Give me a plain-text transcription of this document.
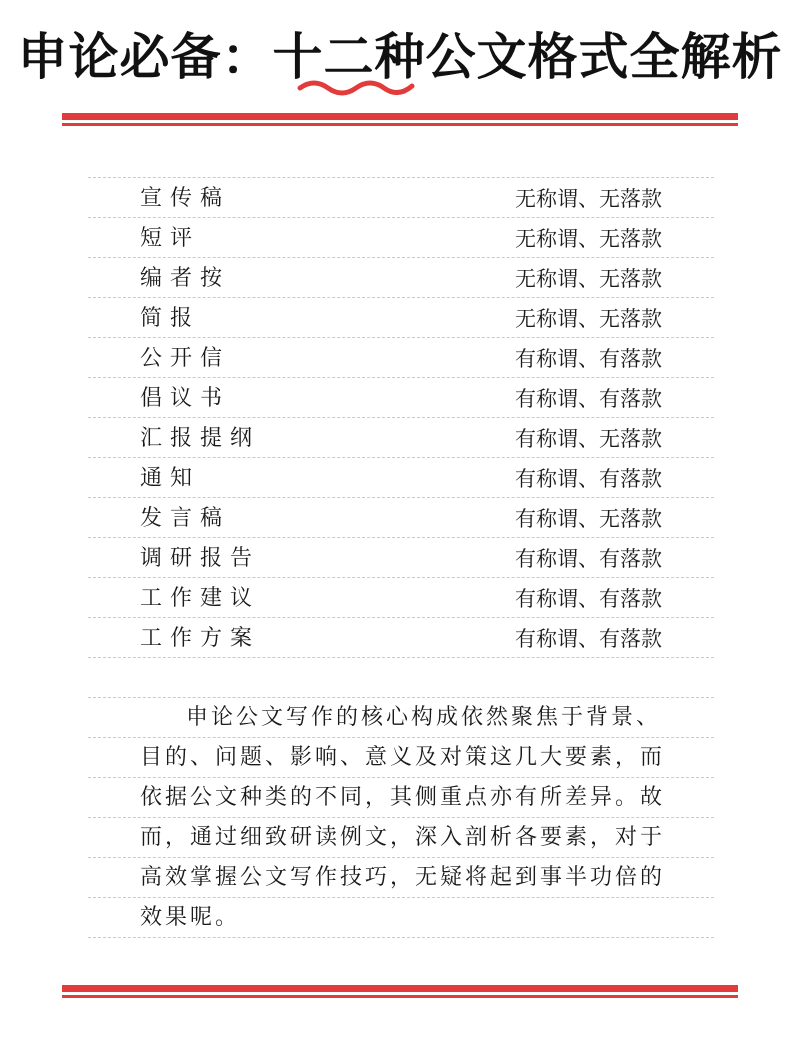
申论必备：十二种公文格式全解析
宣传稿	无称谓、无落款
短评	无称谓、无落款
编者按	无称谓、无落款
简报	无称谓、无落款
公开信	有称谓、有落款
倡议书	有称谓、有落款
汇报提纲	有称谓、无落款
通知	有称谓、有落款
发言稿	有称谓、无落款
调研报告	有称谓、有落款
工作建议	有称谓、有落款
工作方案	有称谓、有落款
申论公文写作的核心构成依然聚焦于背景、
目的、问题、影响、意义及对策这几大要素，而
依据公文种类的不同，其侧重点亦有所差异。故
而，通过细致研读例文，深入剖析各要素，对于
高效掌握公文写作技巧，无疑将起到事半功倍的
效果呢。
